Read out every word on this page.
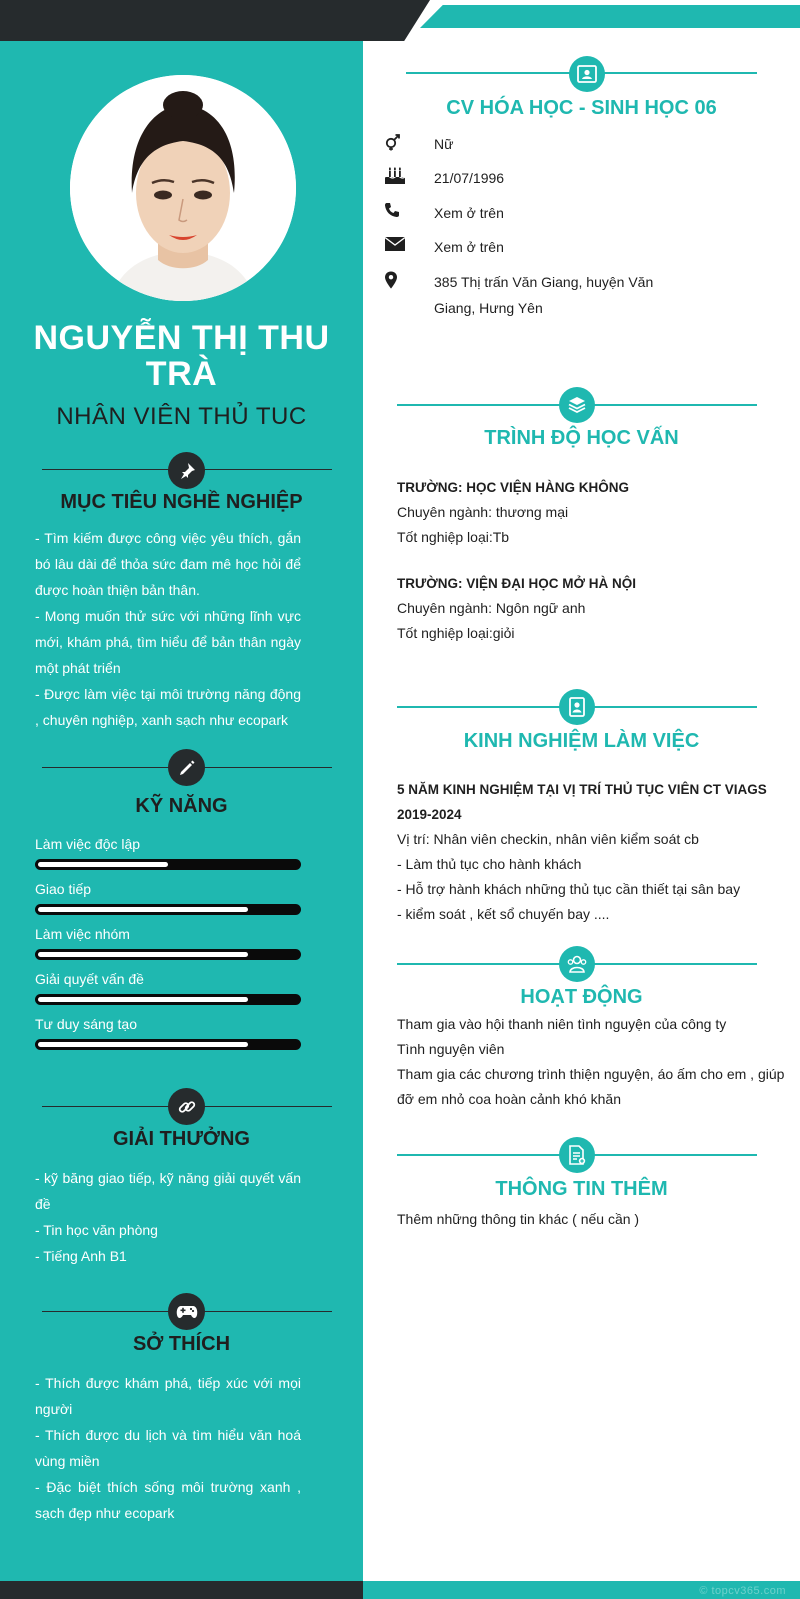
NGUYỄN THỊ THU TRÀ
NHÂN VIÊN THỦ TUC
MỤC TIÊU NGHỀ NGHIỆP

- Tìm kiếm được công việc yêu thích, gắn bó lâu dài để thỏa sức đam mê học hỏi để được hoàn thiện bản thân.

- Mong muốn thử sức với những lĩnh vực mới, khám phá, tìm hiểu để bản thân ngày một phát triển

- Được làm việc tại môi trường năng động , chuyên nghiệp, xanh sạch như ecopark

KỸ NĂNG
Làm việc độc lập
Giao tiếp
Làm việc nhóm
Giải quyết vấn đề
Tư duy sáng tạo
GIẢI THƯỞNG

- kỹ băng giao tiếp, kỹ năng giải quyết vấn đề

- Tin học văn phòng

- Tiếng Anh B1

SỞ THÍCH

- Thích được khám phá, tiếp xúc với mọi người

- Thích được du lịch và tìm hiểu văn hoá vùng miền

- Đặc biệt thích sống môi trường xanh , sạch đẹp như ecopark

CV HÓA HỌC - SINH HỌC 06
Nữ
21/07/1996
Xem ở trên
Xem ở trên
385 Thị trấn Văn Giang, huyện Văn Giang, Hưng Yên
TRÌNH ĐỘ HỌC VẤN
TRƯỜNG: HỌC VIỆN HÀNG KHÔNG
Chuyên ngành: thương mại
Tốt nghiệp loại:Tb
TRƯỜNG: VIỆN ĐẠI HỌC MỞ HÀ NỘI
Chuyên ngành: Ngôn ngữ anh
Tốt nghiệp loại:giỏi
KINH NGHIỆM LÀM VIỆC
5 NĂM KINH NGHIỆM TẠI VỊ TRÍ THỦ TỤC VIÊN CT VIAGS
2019-2024
Vị trí: Nhân viên checkin, nhân viên kiểm soát cb
- Làm thủ tục cho hành khách
- Hỗ trợ hành khách những thủ tục cần thiết tại sân bay
- kiểm soát , kết sổ chuyến bay ....
HOẠT ĐỘNG
Tham gia vào hội thanh niên tình nguyện của công ty
Tình nguyện viên
Tham gia các chương trình thiện nguyện, áo ấm cho em , giúp đỡ em nhỏ coa hoàn cảnh khó khăn
THÔNG TIN THÊM
Thêm những thông tin khác ( nếu cần )
© topcv365.com
